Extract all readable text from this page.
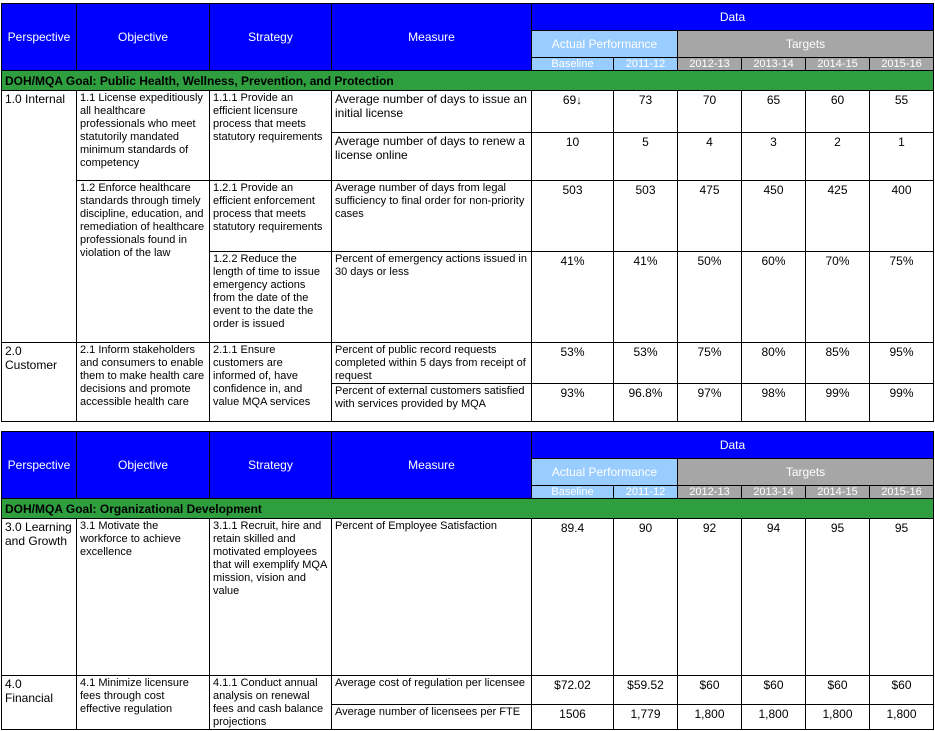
Perspective	Objective	Strategy	Measure	Data					
				Actual Performance		Targets			
				Baseline	2011-12	2012-13	2013-14	2014-15	2015-16
DOH/MQA Goal: Public Health, Wellness, Prevention, and Protection									
1.0 Internal	1.1 License expeditiously all healthcare professionals who meet statutorily mandated minimum standards of competency	1.1.1 Provide an efficient licensure process that meets statutory requirements	Average number of days to issue an initial license	69↓	73	70	65	60	55
			Average number of days to renew a license online	10	5	4	3	2	1
	1.2 Enforce healthcare standards through timely discipline, education, and remediation of healthcare professionals found in violation of the law	1.2.1 Provide an efficient enforcement process that meets statutory requirements	Average number of days from legal sufficiency to final order for non-priority cases	503	503	475	450	425	400
		1.2.2 Reduce the length of time to issue emergency actions from the date of the event to the date the order is issued	Percent of emergency actions issued in 30 days or less	41%	41%	50%	60%	70%	75%
2.0 Customer	2.1 Inform stakeholders and consumers to enable them to make health care decisions and promote accessible health care	2.1.1 Ensure customers are informed of, have confidence in, and value MQA services	Percent of public record requests completed within 5 days from receipt of request	53%	53%	75%	80%	85%	95%
			Percent of external customers satisfied with services provided by MQA	93%	96.8%	97%	98%	99%	99%
Perspective	Objective	Strategy	Measure	Data					
				Actual Performance		Targets			
				Baseline	2011-12	2012-13	2013-14	2014-15	2015-16
DOH/MQA Goal: Organizational Development									
3.0 Learning and Growth	3.1 Motivate the workforce to achieve excellence	3.1.1 Recruit, hire and retain skilled and motivated employees that will exemplify MQA mission, vision and value	Percent of Employee Satisfaction	89.4	90	92	94	95	95
4.0 Financial	4.1 Minimize licensure fees through cost effective regulation	4.1.1 Conduct annual analysis on renewal fees and cash balance projections	Average cost of regulation per licensee	$72.02	$59.52	$60	$60	$60	$60
			Average number of licensees per FTE	1506	1,779	1,800	1,800	1,800	1,800
